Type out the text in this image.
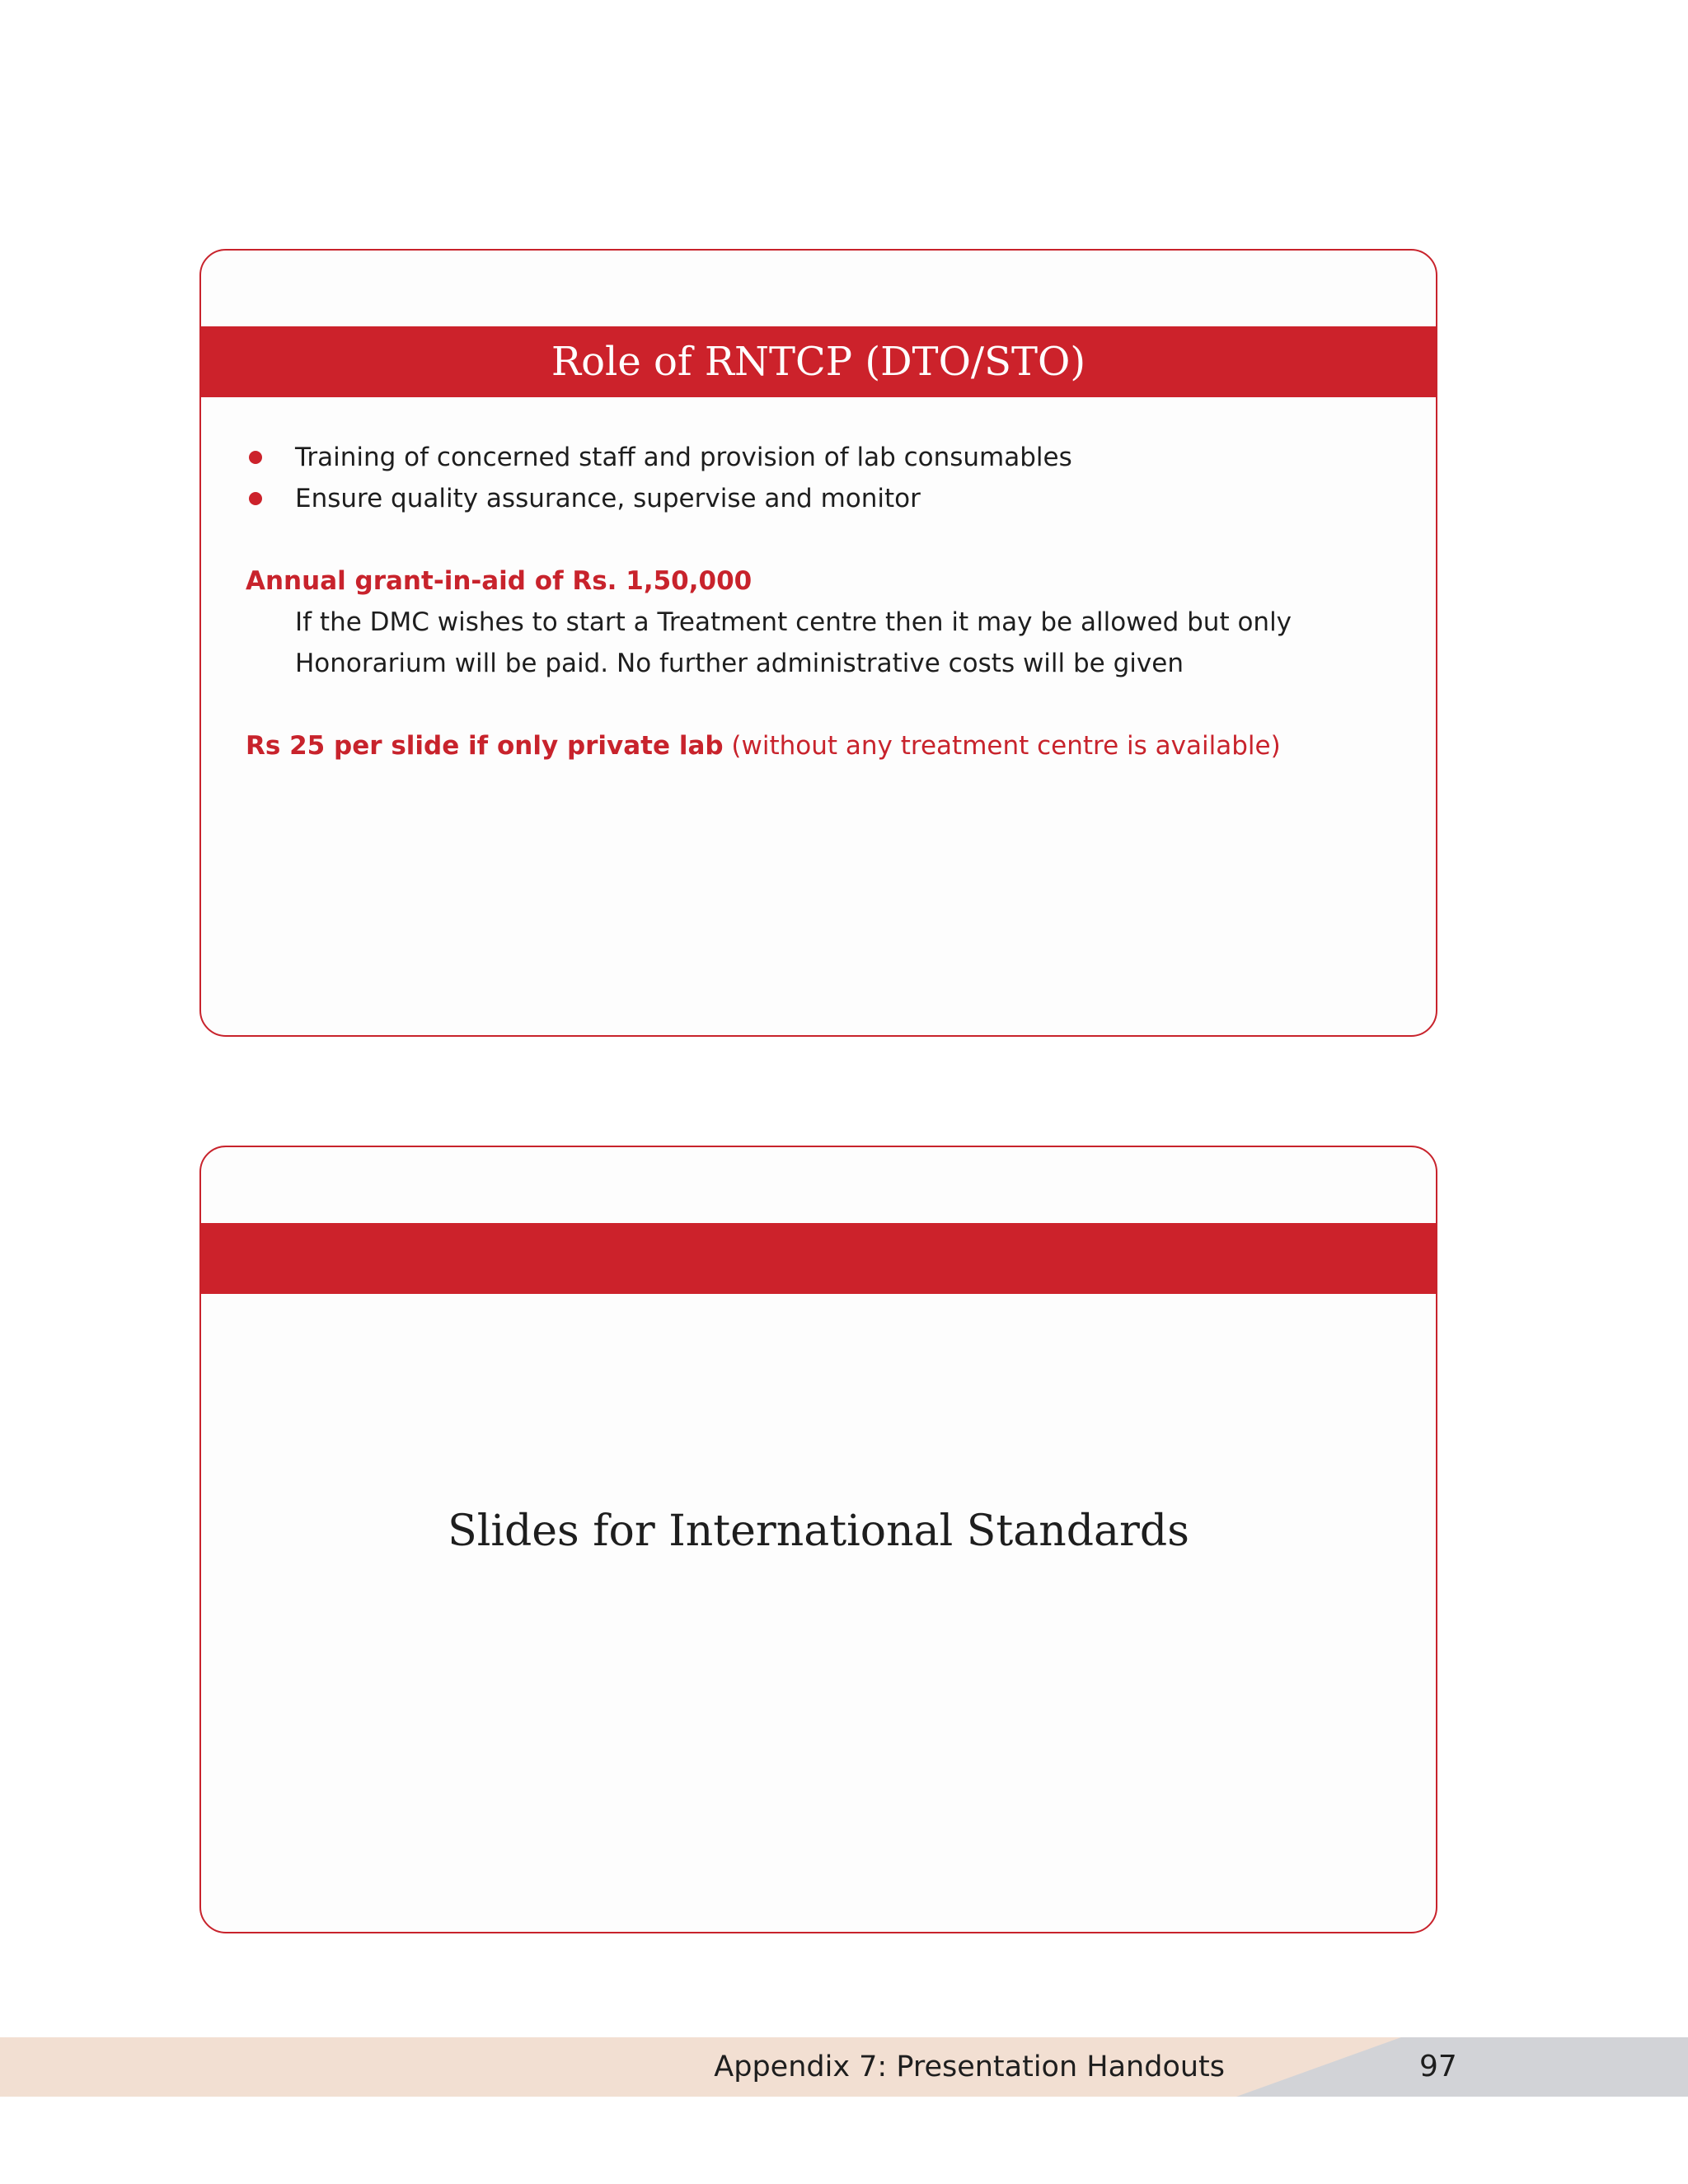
Role of RNTCP (DTO/STO)
Training of concerned staff and provision of lab consumables
Ensure quality assurance, supervise and monitor
Annual grant-in-aid of Rs. 1,50,000
If the DMC wishes to start a Treatment centre then it may be allowed but only
Honorarium will be paid. No further administrative costs will be given
Rs 25 per slide if only private lab (without any treatment centre is available)
Slides for International Standards
Appendix 7: Presentation Handouts	97
